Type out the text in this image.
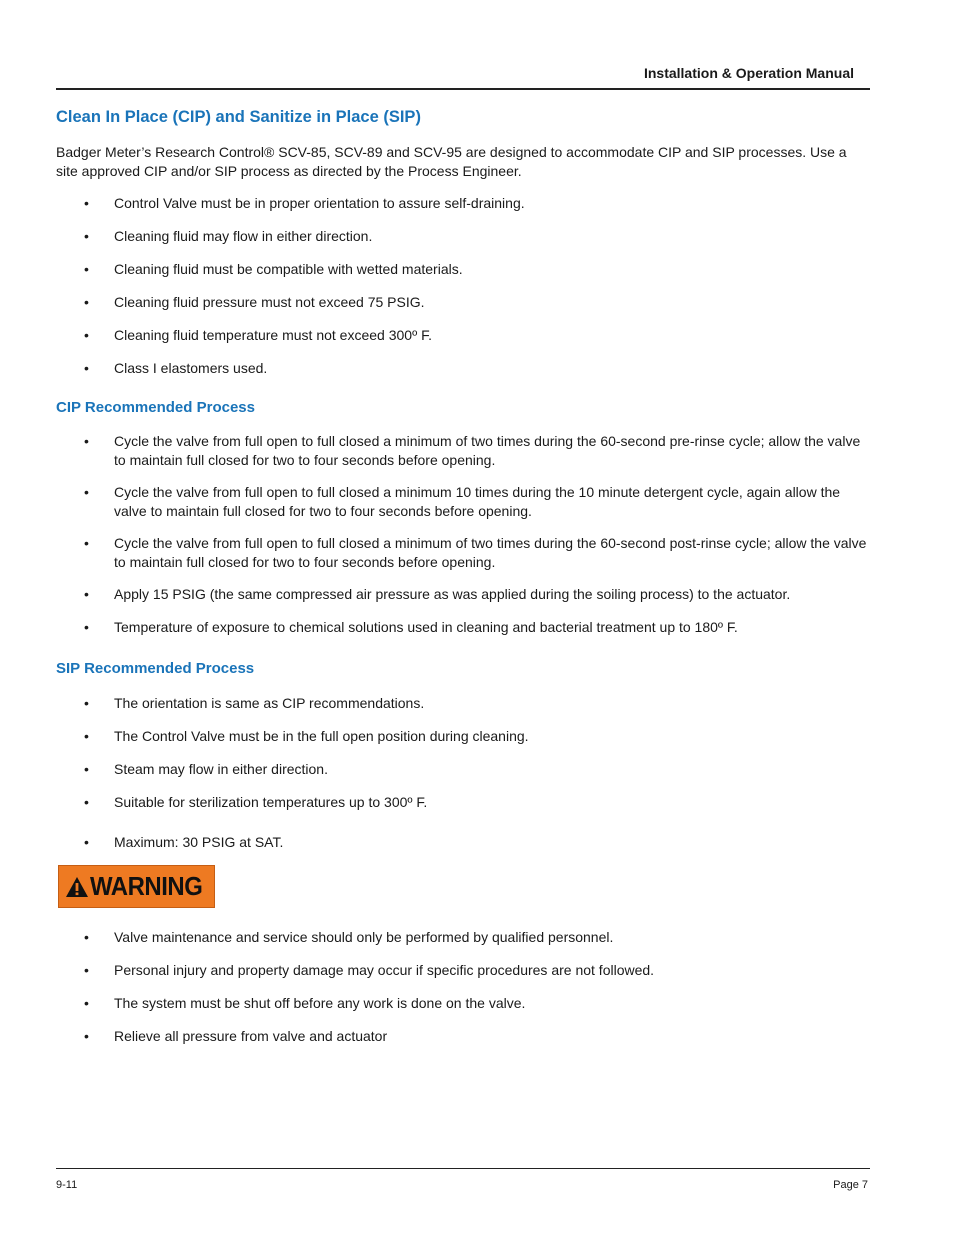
Installation & Operation Manual
Clean In Place (CIP) and Sanitize in Place (SIP)
Badger Meter’s Research Control® SCV-85, SCV-89 and SCV-95 are designed to accommodate CIP and SIP processes. Use a site approved CIP and/or SIP process as directed by the Process Engineer.
• Control Valve must be in proper orientation to assure self-draining.
• Cleaning fluid may flow in either direction.
• Cleaning fluid must be compatible with wetted materials.
• Cleaning fluid pressure must not exceed 75 PSIG.
• Cleaning fluid temperature must not exceed 300º F.
• Class I elastomers used.
CIP Recommended Process
• Cycle the valve from full open to full closed a minimum of two times during the 60-second pre-rinse cycle; allow the valve to maintain full closed for two to four seconds before opening.
• Cycle the valve from full open to full closed a minimum 10 times during the 10 minute detergent cycle, again allow the valve to maintain full closed for two to four seconds before opening.
• Cycle the valve from full open to full closed a minimum of two times during the 60-second post-rinse cycle; allow the valve to maintain full closed for two to four seconds before opening.
• Apply 15 PSIG (the same compressed air pressure as was applied during the soiling process) to the actuator.
• Temperature of exposure to chemical solutions used in cleaning and bacterial treatment up to 180º F.
SIP Recommended Process
• The orientation is same as CIP recommendations.
• The Control Valve must be in the full open position during cleaning.
• Steam may flow in either direction.
• Suitable for sterilization temperatures up to 300º F.
• Maximum: 30 PSIG at SAT.
WARNING
• Valve maintenance and service should only be performed by qualified personnel.
• Personal injury and property damage may occur if specific procedures are not followed.
• The system must be shut off before any work is done on the valve.
• Relieve all pressure from valve and actuator
9-11	Page 7
